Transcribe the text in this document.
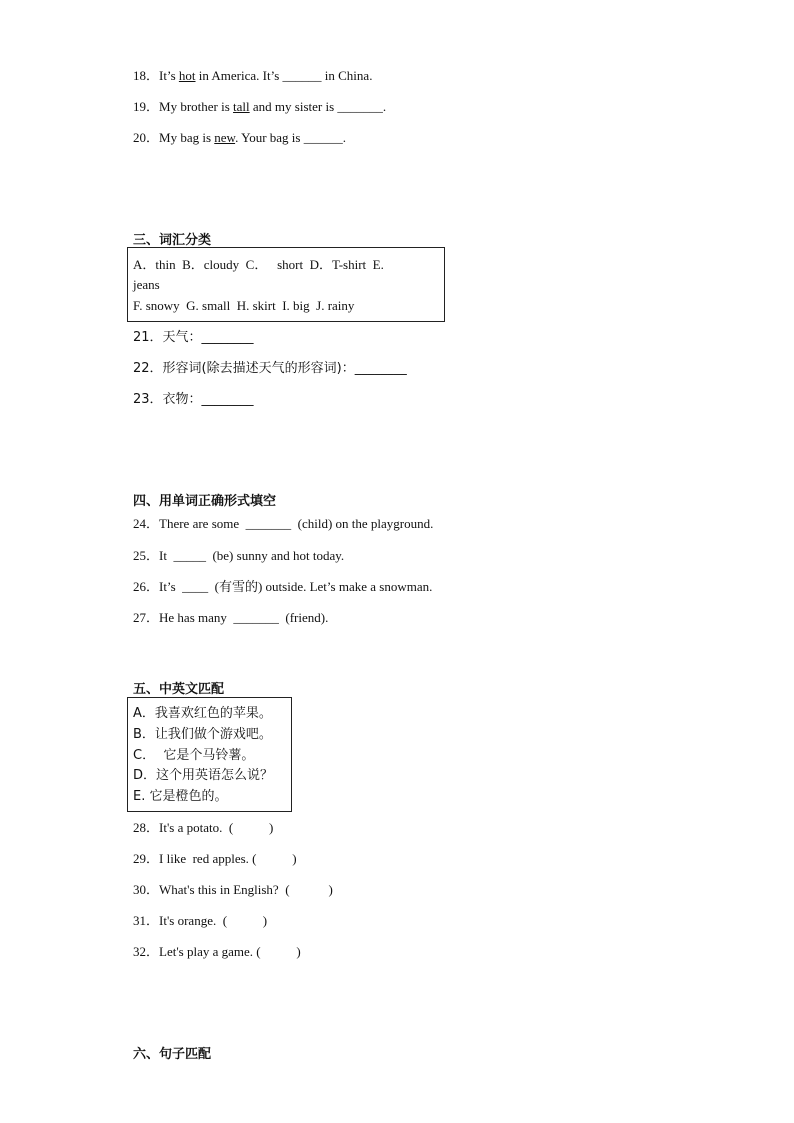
18．It’s hot in America. It’s ______ in China.
19．My brother is tall and my sister is _______.
20．My bag is new. Your bag is ______.
三、词汇分类
A．thin  B．cloudy  C．   short  D．T-shirt  E.
jeans
F. snowy  G. small  H. skirt  I. big  J. rainy
21．天气：________
22．形容词(除去描述天气的形容词)：________
23．衣物：________
四、用单词正确形式填空
24．There are some  _______  (child) on the playground.
25．It  _____  (be) sunny and hot today.
26．It’s  ____  (有雪的) outside. Let’s make a snowman.
27．He has many  _______  (friend).
五、中英文匹配
A．我喜欢红色的苹果。
B．让我们做个游戏吧。
C．  它是个马铃薯。
D．这个用英语怎么说？
E. 它是橙色的。
28．It's a potato.  (           )
29．I like  red apples. (           )
30．What's this in English?  (            )
31．It's orange.  (           )
32．Let's play a game. (           )
六、句子匹配
